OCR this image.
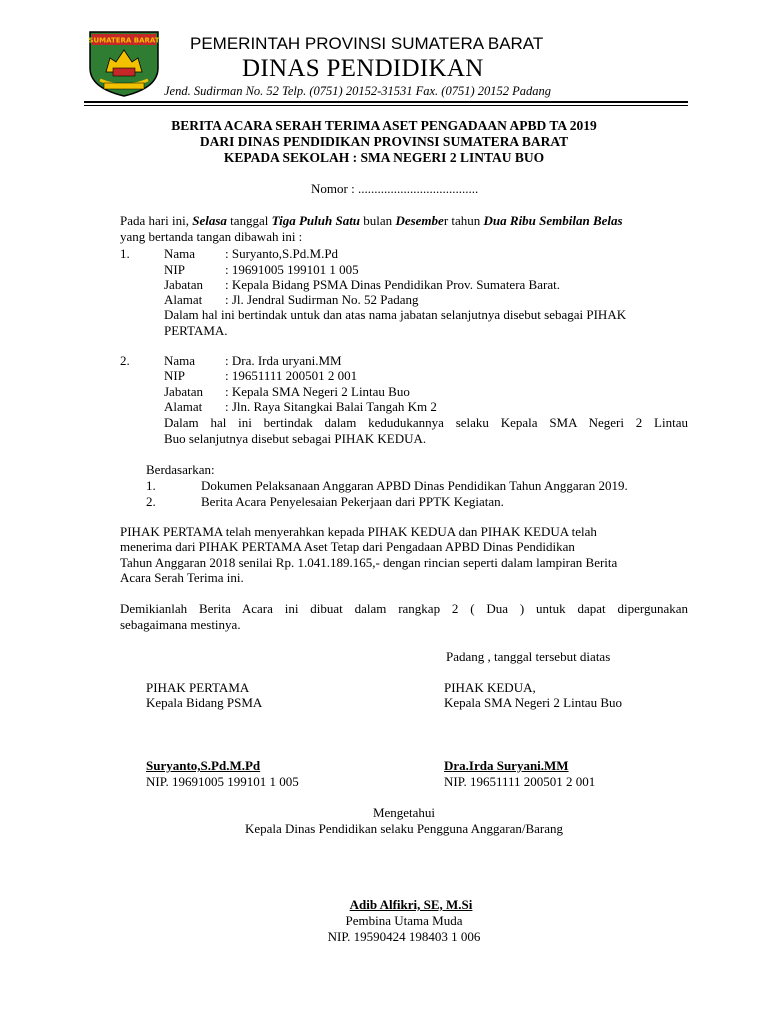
SUMATERA BARAT PEMERINTAH PROVINSI SUMATERA BARAT
DINAS PENDIDIKAN
Jend. Sudirman No. 52 Telp. (0751) 20152-31531 Fax. (0751) 20152 Padang
BERITA ACARA SERAH TERIMA ASET PENGADAAN APBD TA 2019
DARI DINAS PENDIDIKAN PROVINSI SUMATERA BARAT
KEPADA SEKOLAH : SMA NEGERI 2 LINTAU BUO
Nomor : .....................................
Pada hari ini, Selasa tanggal Tiga Puluh Satu bulan Desember tahun Dua Ribu Sembilan Belas
yang bertanda tangan dibawah ini :
1.	Nama : Suryanto,S.Pd.M.Pd
NIP	: 19691005 199101 1 005
Jabatan : Kepala Bidang PSMA Dinas Pendidikan Prov. Sumatera Barat.
Alamat : Jl. Jendral Sudirman No. 52 Padang
Dalam hal ini bertindak untuk dan atas nama jabatan selanjutnya disebut sebagai PIHAK
PERTAMA.
2.	Nama : Dra. Irda uryani.MM
NIP	: 19651111 200501 2 001
Jabatan : Kepala SMA Negeri 2 Lintau Buo
Alamat : Jln. Raya Sitangkai Balai Tangah Km 2
Dalam hal ini bertindak dalam kedudukannya selaku Kepala SMA Negeri 2 Lintau
Buo selanjutnya disebut sebagai PIHAK KEDUA.
Berdasarkan:
1.	Dokumen Pelaksanaan Anggaran APBD Dinas Pendidikan Tahun Anggaran 2019.
2.	Berita Acara Penyelesaian Pekerjaan dari PPTK Kegiatan.
PIHAK PERTAMA telah menyerahkan kepada PIHAK KEDUA dan PIHAK KEDUA telah
menerima dari PIHAK PERTAMA Aset Tetap dari Pengadaan APBD Dinas Pendidikan
Tahun Anggaran 2018 senilai Rp. 1.041.189.165,- dengan rincian seperti dalam lampiran Berita
Acara Serah Terima ini.
Demikianlah Berita Acara ini dibuat dalam rangkap 2 ( Dua ) untuk dapat dipergunakan
sebagaimana mestinya.
Padang , tanggal tersebut diatas
PIHAK PERTAMA
Kepala Bidang PSMA
Suryanto,S.Pd.M.Pd
NIP. 19691005 199101 1 005
PIHAK KEDUA,
Kepala SMA Negeri 2 Lintau Buo
Dra.Irda Suryani.MM
NIP. 19651111 200501 2 001
Mengetahui
Kepala Dinas Pendidikan selaku Pengguna Anggaran/Barang
Adib Alfikri, SE, M.Si
Pembina Utama Muda
NIP. 19590424 198403 1 006
